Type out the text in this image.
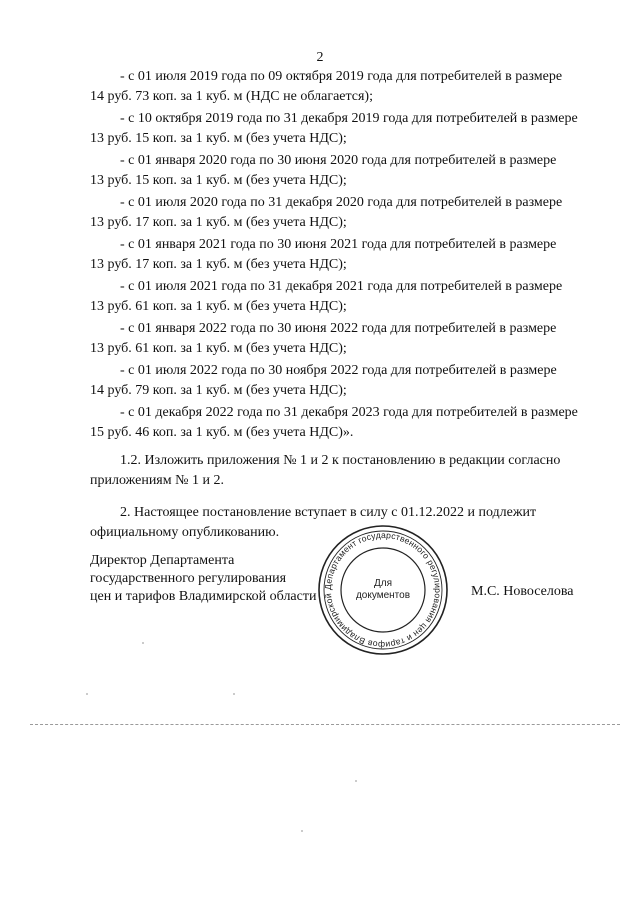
2
- с 01 июля 2019 года по 09 октября 2019 года для потребителей в размере
14 руб. 73 коп. за 1 куб. м (НДС не облагается);
- с 10 октября 2019 года по 31 декабря 2019 года для потребителей в размере
13 руб. 15 коп. за 1 куб. м (без учета НДС);
- с 01 января 2020 года по 30 июня 2020 года для потребителей в размере
13 руб. 15 коп. за 1 куб. м (без учета НДС);
- с 01 июля 2020 года по 31 декабря 2020 года для потребителей в размере
13 руб. 17 коп. за 1 куб. м (без учета НДС);
- с 01 января 2021 года по 30 июня 2021 года для потребителей в размере
13 руб. 17 коп. за 1 куб. м (без учета НДС);
- с 01 июля 2021 года по 31 декабря 2021 года для потребителей в размере
13 руб. 61 коп. за 1 куб. м (без учета НДС);
- с 01 января 2022 года по 30 июня 2022 года для потребителей в размере
13 руб. 61 коп. за 1 куб. м (без учета НДС);
- с 01 июля 2022 года по 30 ноября 2022 года для потребителей в размере
14 руб. 79 коп. за 1 куб. м (без учета НДС);
- с 01 декабря 2022 года по 31 декабря 2023 года для потребителей в размере
15 руб. 46 коп. за 1 куб. м (без учета НДС)».
1.2. Изложить приложения № 1 и 2 к постановлению в редакции согласно
приложениям № 1 и 2.
2. Настоящее постановление вступает в силу с 01.12.2022 и подлежит
официальному опубликованию.
Директор Департамента
государственного регулирования
цен и тарифов Владимирской области
Департамент государственного регулирования цен и тарифов Владимирской
Для
документов	М.С. Новоселова
